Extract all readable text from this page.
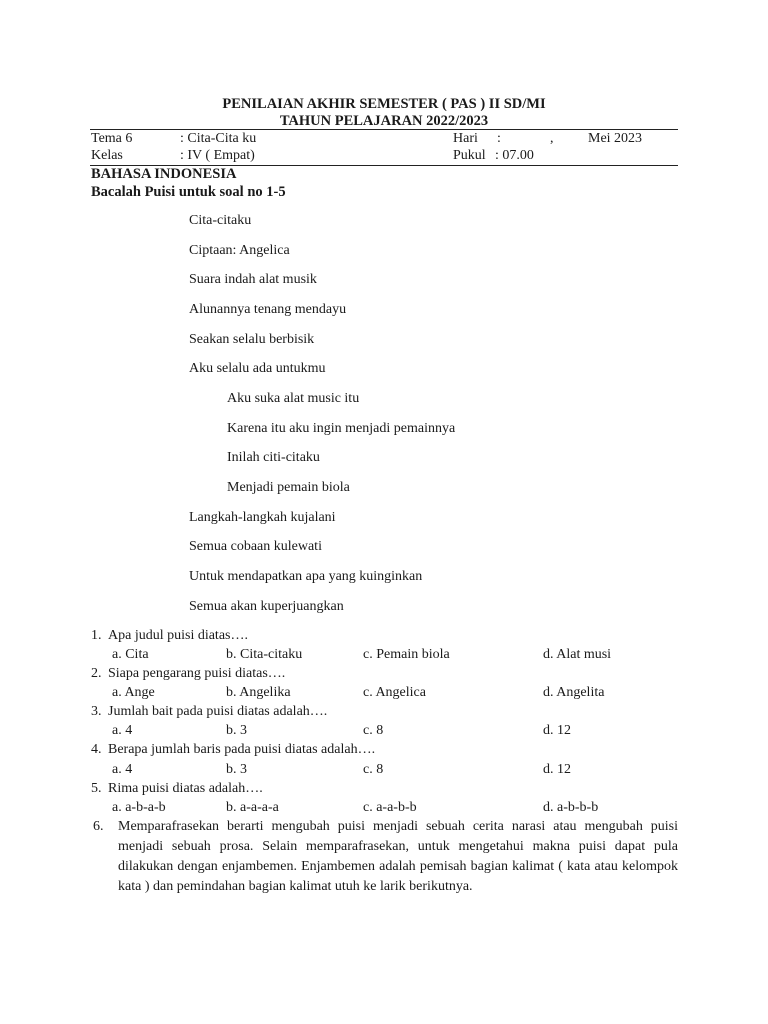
PENILAIAN AKHIR SEMESTER ( PAS ) II SD/MI
TAHUN PELAJARAN 2022/2023
Tema 6	: Cita-Cita ku	Hari :	, Mei 2023
Kelas	: IV ( Empat)	Pukul : 07.00
BAHASA INDONESIA
Bacalah Puisi untuk soal no 1-5
Cita-citaku
Ciptaan: Angelica
Suara indah alat musik
Alunannya tenang mendayu
Seakan selalu berbisik
Aku selalu ada untukmu
Aku suka alat music itu
Karena itu aku ingin menjadi pemainnya
Inilah citi-citaku
Menjadi pemain biola
Langkah-langkah kujalani
Semua cobaan kulewati
Untuk mendapatkan apa yang kuinginkan
Semua akan kuperjuangkan
1. Apa judul puisi diatas….
a. Cita	b. Cita-citaku	c. Pemain biola	d. Alat musi
2. Siapa pengarang puisi diatas….
a. Ange	b. Angelika	c. Angelica	d. Angelita
3. Jumlah bait pada puisi diatas adalah….
a. 4	b. 3	c. 8	d. 12
4. Berapa jumlah baris pada puisi diatas adalah….
a. 4	b. 3	c. 8	d. 12
5. Rima puisi diatas adalah….
a. a-b-a-b	b. a-a-a-a	c. a-a-b-b	d. a-b-b-b
6. Memparafrasekan berarti mengubah puisi menjadi sebuah cerita narasi atau mengubah puisi menjadi sebuah prosa. Selain memparafrasekan, untuk mengetahui makna puisi dapat pula dilakukan dengan enjambemen. Enjambemen adalah pemisah bagian kalimat ( kata atau kelompok kata ) dan pemindahan bagian kalimat utuh ke larik berikutnya.
